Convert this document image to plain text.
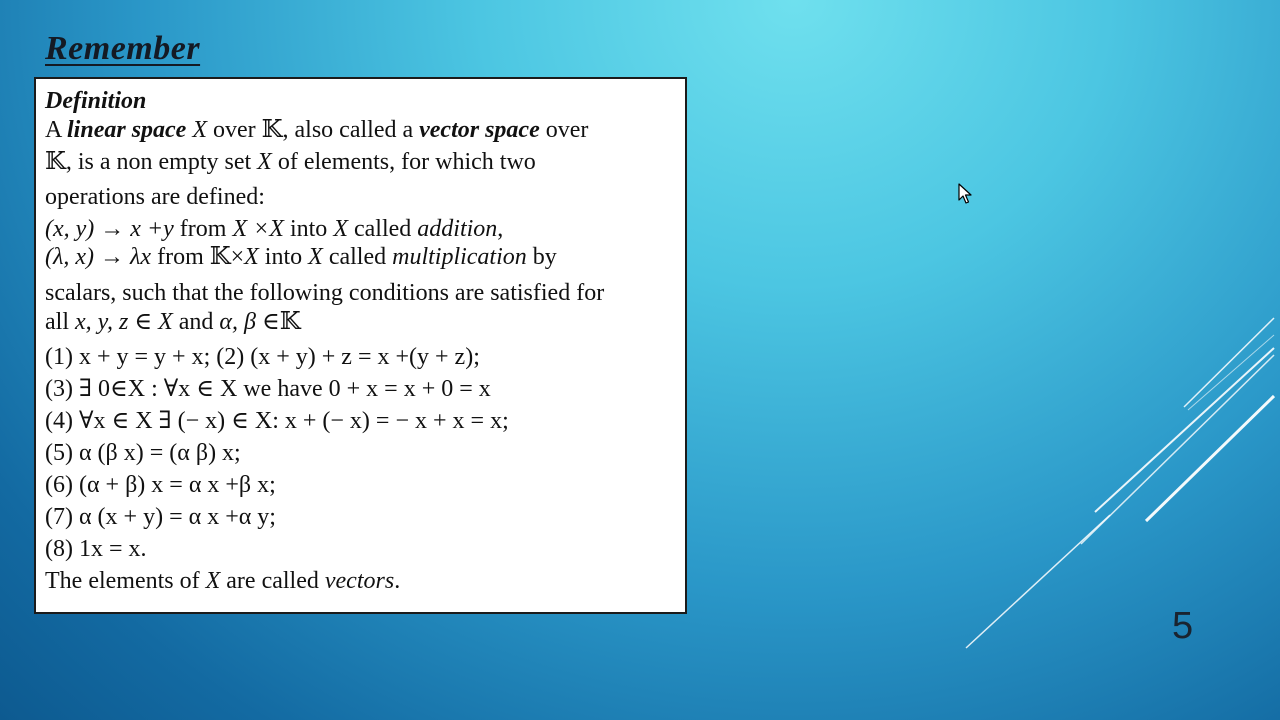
Remember
Definition
A linear space X over 𝕂, also called a vector space over
𝕂, is a non empty set X of elements, for which two
operations are defined:
(x, y) → x +y from X ×X into X called addition,
(λ, x) → λx from 𝕂×X into X called multiplication by
scalars, such that the following conditions are satisfied for
all x, y, z ∈ X and α, β ∈𝕂
(1) x + y = y + x; (2) (x + y) + z = x +(y + z);
(3) ∃ 0∈X : ∀x ∈ X we have 0 + x = x + 0 = x
(4) ∀x ∈ X ∃ (− x) ∈ X: x + (− x) = − x + x = x;
(5) α (β x) = (α β) x;
(6) (α + β) x = α x +β x;
(7) α (x + y) = α x +α y;
(8) 1x = x.
The elements of X are called vectors.
5
